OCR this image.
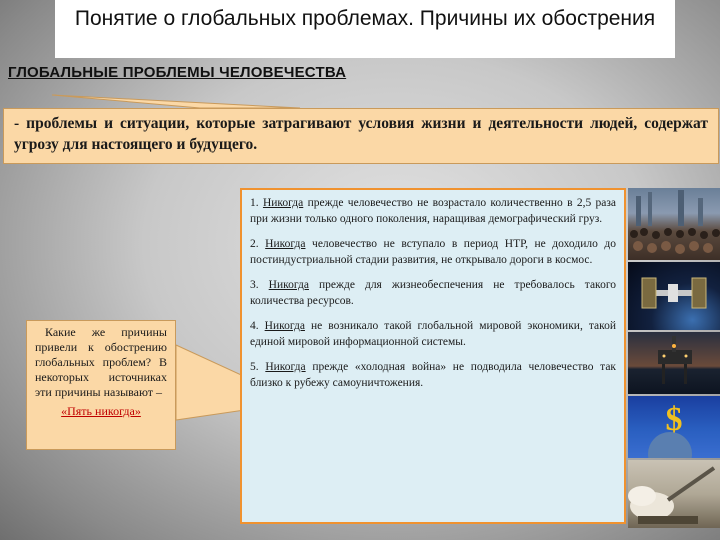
Понятие о глобальных проблемах. Причины их обострения
ГЛОБАЛЬНЫЕ ПРОБЛЕМЫ ЧЕЛОВЕЧЕСТВА
- проблемы и ситуации, которые затрагивают условия жизни и деятельности людей, содержат угрозу для настоящего и будущего.
Какие же причины привели к обострению глобальных проблем? В некоторых источниках эти причины называют –
«Пять никогда»

1. Никогда прежде человечество не возрастало количественно в 2,5 раза при жизни только одного поколения, наращивая демографический груз.

2. Никогда человечество не вступало в период НТР, не доходило до постиндустриальной стадии развития, не открывало дороги в космос.

3. Никогда прежде для жизнеобеспечения не требовалось такого количества ресурсов.

4. Никогда не возникало такой глобальной мировой экономики, такой единой мировой информационной системы.

5. Никогда прежде «холодная война» не подводила человечество так близко к рубежу самоуничтожения.

$
